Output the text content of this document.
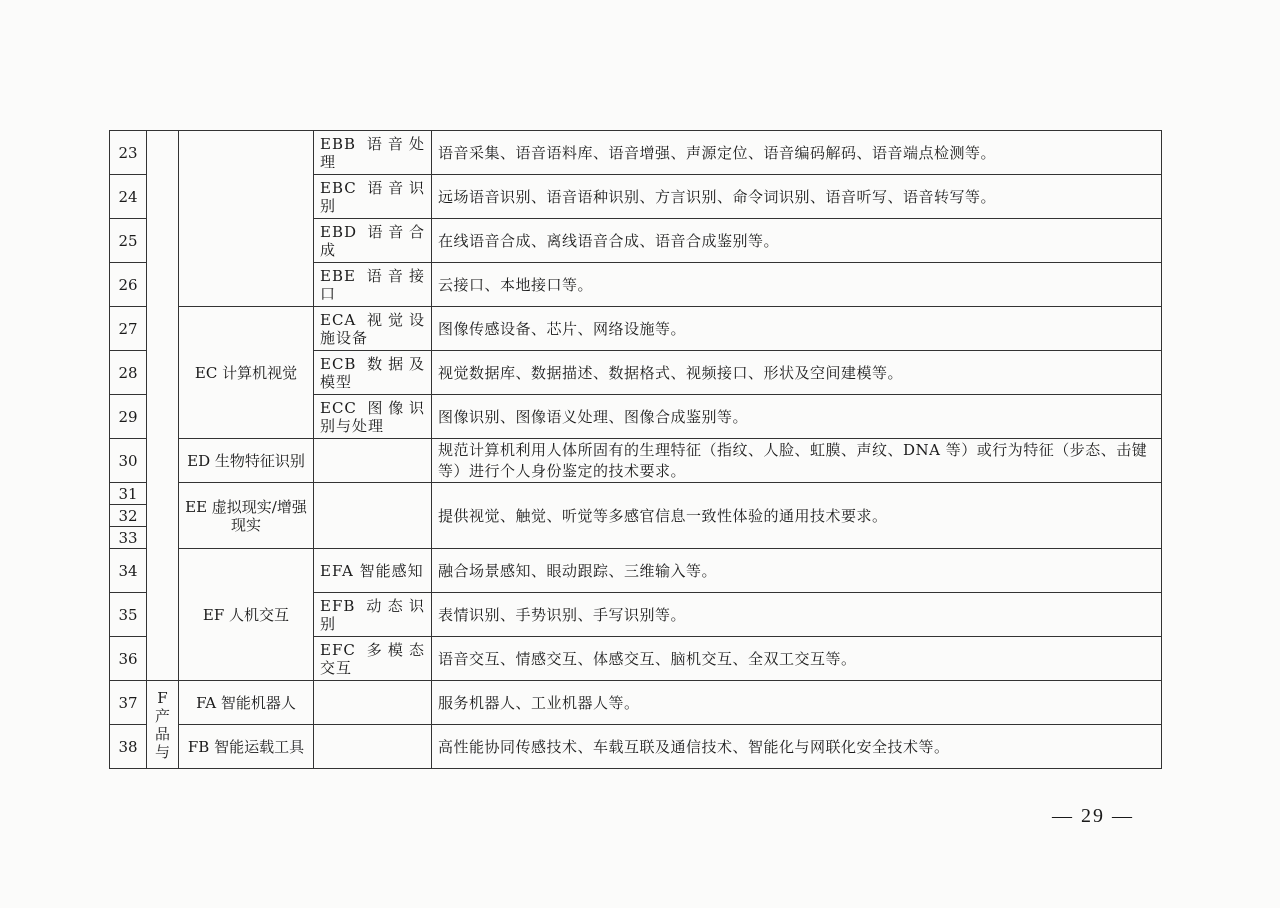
23			EBB 语音处理	语音采集、语音语料库、语音增强、声源定位、语音编码解码、语音端点检测等。
24			EBC 语音识别	远场语音识别、语音语种识别、方言识别、命令词识别、语音听写、语音转写等。
25			EBD 语音合成	在线语音合成、离线语音合成、语音合成鉴别等。
26			EBE 语音接口	云接口、本地接口等。
27		EC 计算机视觉	ECA 视觉设施设备	图像传感设备、芯片、网络设施等。
28			ECB 数据及模型	视觉数据库、数据描述、数据格式、视频接口、形状及空间建模等。
29			ECC 图像识别与处理	图像识别、图像语义处理、图像合成鉴别等。
30		ED 生物特征识别		规范计算机利用人体所固有的生理特征（指纹、人脸、虹膜、声纹、DNA 等）或行为特征（步态、击键等）进行个人身份鉴定的技术要求。
31		EE 虚拟现实/增强现实		提供视觉、触觉、听觉等多感官信息一致性体验的通用技术要求。
32				
33				
34		EF 人机交互	EFA 智能感知	融合场景感知、眼动跟踪、三维输入等。
35			EFB 动态识别	表情识别、手势识别、手写识别等。
36			EFC 多模态交互	语音交互、情感交互、体感交互、脑机交互、全双工交互等。
37	F产品与	FA 智能机器人		服务机器人、工业机器人等。
38		FB 智能运载工具		高性能协同传感技术、车载互联及通信技术、智能化与网联化安全技术等。
— 29 —
